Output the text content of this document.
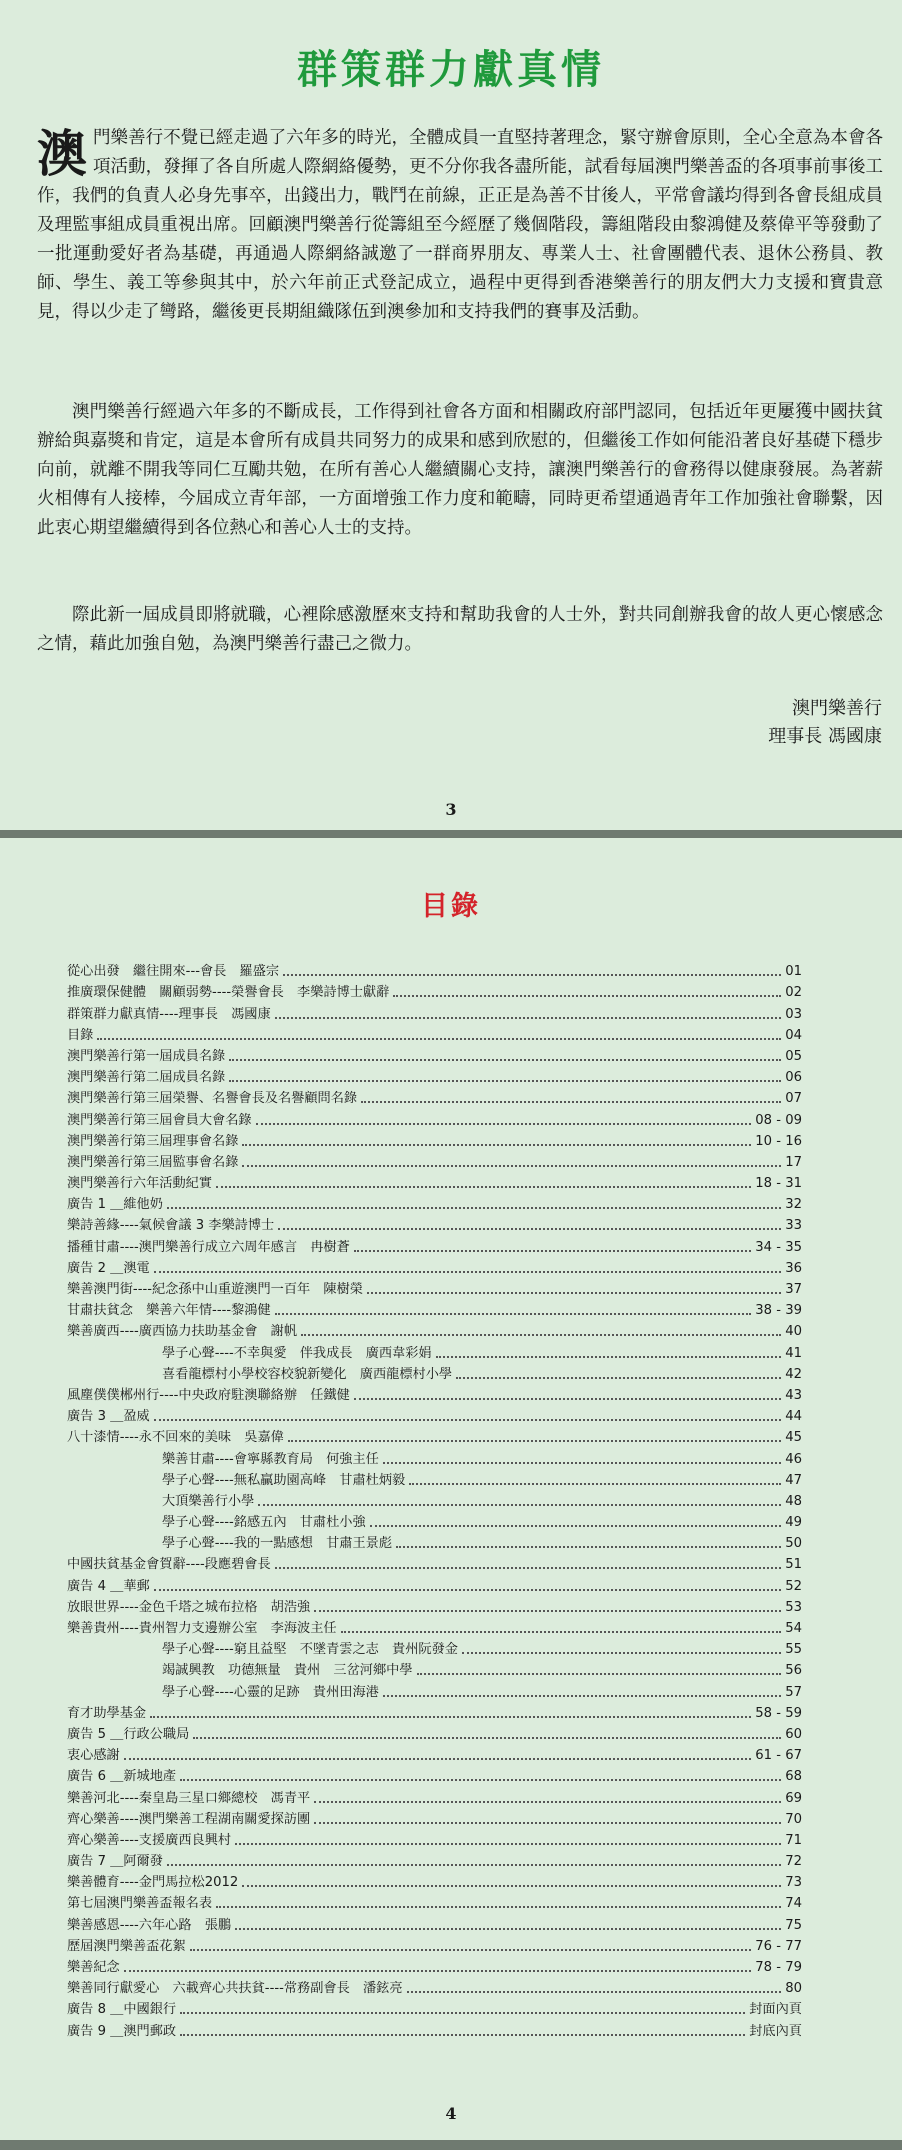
群策群力獻真情
澳門樂善行不覺已經走過了六年多的時光，全體成員一直堅持著理念，緊守辦會原則，全心全意為本會各項活動，發揮了各自所處人際網絡優勢，更不分你我各盡所能，試看每屆澳門樂善盃的各項事前事後工作，我們的負責人必身先事卒，出錢出力，戰鬥在前線，正正是為善不甘後人，平常會議均得到各會長組成員及理監事組成員重視出席。回顧澳門樂善行從籌組至今經歷了幾個階段，籌組階段由黎鴻健及蔡偉平等發動了一批運動愛好者為基礎，再通過人際網絡誠邀了一群商界朋友、專業人士、社會團體代表、退休公務員、教師、學生、義工等參與其中，於六年前正式登記成立，過程中更得到香港樂善行的朋友們大力支援和寶貴意見，得以少走了彎路，繼後更長期組織隊伍到澳參加和支持我們的賽事及活動。
澳門樂善行經過六年多的不斷成長，工作得到社會各方面和相關政府部門認同，包括近年更屢獲中國扶貧辦給與嘉獎和肯定，這是本會所有成員共同努力的成果和感到欣慰的，但繼後工作如何能沿著良好基礎下穩步向前，就離不開我等同仁互勵共勉，在所有善心人繼續關心支持，讓澳門樂善行的會務得以健康發展。為著薪火相傳有人接棒，今屆成立青年部，一方面增強工作力度和範疇，同時更希望通過青年工作加強社會聯繫，因此衷心期望繼續得到各位熱心和善心人士的支持。
際此新一屆成員即將就職，心裡除感激歷來支持和幫助我會的人士外，對共同創辦我會的故人更心懷感念之情，藉此加強自勉，為澳門樂善行盡己之微力。
澳門樂善行
理事長 馮國康
3
目錄
從心出發　繼往開來---會長　羅盛宗	01
推廣環保健體　關顧弱勢----榮譽會長　李樂詩博士獻辭	02
群策群力獻真情----理事長　馮國康	03
目錄	04
澳門樂善行第一屆成員名錄	05
澳門樂善行第二屆成員名錄	06
澳門樂善行第三屆榮譽、名譽會長及名譽顧問名錄	07
澳門樂善行第三屆會員大會名錄	08 - 09
澳門樂善行第三屆理事會名錄	10 - 16
澳門樂善行第三屆監事會名錄	17
澳門樂善行六年活動紀實	18 - 31
廣告 1 ＿維他奶	32
樂詩善緣----氣候會議 3 李樂詩博士	33
播種甘肅----澳門樂善行成立六周年感言　冉樹蒼	34 - 35
廣告 2 ＿澳電	36
樂善澳門街----紀念孫中山重遊澳門一百年　陳樹榮	37
甘肅扶貧念　樂善六年情----黎鴻健	38 - 39
樂善廣西----廣西協力扶助基金會　謝帆	40
學子心聲----不幸與愛　伴我成長　廣西韋彩娟	41
喜看龍標村小學校容校貌新變化　廣西龍標村小學	42
風塵僕僕郴州行----中央政府駐澳聯絡辦　任鐵健	43
廣告 3 ＿盈威	44
八十漆情----永不回來的美味　吳嘉偉	45
樂善甘肅----會寧縣教育局　何強主任	46
學子心聲----無私贏助園高峰　甘肅杜炳毅	47
大頂樂善行小學	48
學子心聲----銘感五內　甘肅杜小強	49
學子心聲----我的一點感想　甘肅王景彪	50
中國扶貧基金會賀辭----段應碧會長	51
廣告 4 ＿華郵	52
放眼世界----金色千塔之城布拉格　胡浩強	53
樂善貴州----貴州智力支邊辦公室　李海波主任	54
學子心聲----窮且益堅　不墜青雲之志　貴州阮發金	55
竭誠興教　功德無量　貴州　三岔河鄉中學	56
學子心聲----心靈的足跡　貴州田海港	57
育才助學基金	58 - 59
廣告 5 ＿行政公職局	60
衷心感謝	61 - 67
廣告 6 ＿新城地產	68
樂善河北----秦皇島三星口鄉總校　馮青平	69
齊心樂善----澳門樂善工程湖南關愛探訪團	70
齊心樂善----支援廣西良興村	71
廣告 7 ＿阿爾發	72
樂善體育----金門馬拉松2012	73
第七屆澳門樂善盃報名表	74
樂善感恩----六年心路　張鵬	75
歷屆澳門樂善盃花絮	76 - 77
樂善紀念	78 - 79
樂善同行獻愛心　六載齊心共扶貧----常務副會長　潘鉉亮	80
廣告 8 ＿中國銀行	封面內頁
廣告 9 ＿澳門郵政	封底內頁
4
